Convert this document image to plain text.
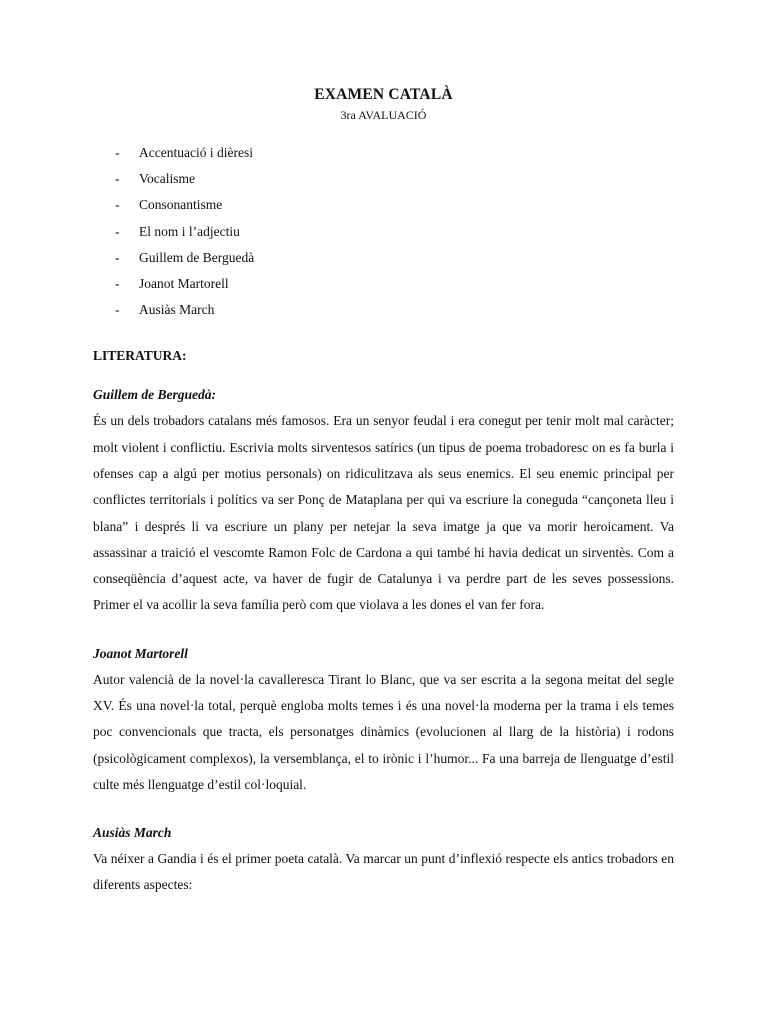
EXAMEN CATALÀ
3ra AVALUACIÓ
- Accentuació i dièresi
- Vocalisme
- Consonantisme
- El nom i l’adjectiu
- Guillem de Berguedà
- Joanot Martorell
- Ausiàs March
LITERATURA:
Guillem de Berguedà:

És un dels trobadors catalans més famosos. Era un senyor feudal i era conegut per tenir molt mal caràcter; molt violent i conflictiu. Escrivia molts sirventesos satírics (un tipus de poema trobadoresc on es fa burla i ofenses cap a algú per motius personals) on ridiculitzava als seus enemics. El seu enemic principal per conflictes territorials i polítics va ser Ponç de Mataplana per qui va escriure la coneguda “cançoneta lleu i blana” i després li va escriure un plany per netejar la seva imatge ja que va morir heroicament. Va assassinar a traició el vescomte Ramon Folc de Cardona a qui també hi havia dedicat un sirventès. Com a conseqüència d’aquest acte, va haver de fugir de Catalunya i va perdre part de les seves possessions. Primer el va acollir la seva família però com que violava a les dones el van fer fora.

Joanot Martorell

Autor valencià de la novel·la cavalleresca Tirant lo Blanc, que va ser escrita a la segona meitat del segle XV. És una novel·la total, perquè engloba molts temes i és una novel·la moderna per la trama i els temes poc convencionals que tracta, els personatges dinàmics (evolucionen al llarg de la història) i rodons (psicològicament complexos), la versemblança, el to irònic i l’humor... Fa una barreja de llenguatge d’estil culte més llenguatge d’estil col·loquial.

Ausiàs March

Va néixer a Gandia i és el primer poeta català. Va marcar un punt d’inflexió respecte els antics trobadors en diferents aspectes:
